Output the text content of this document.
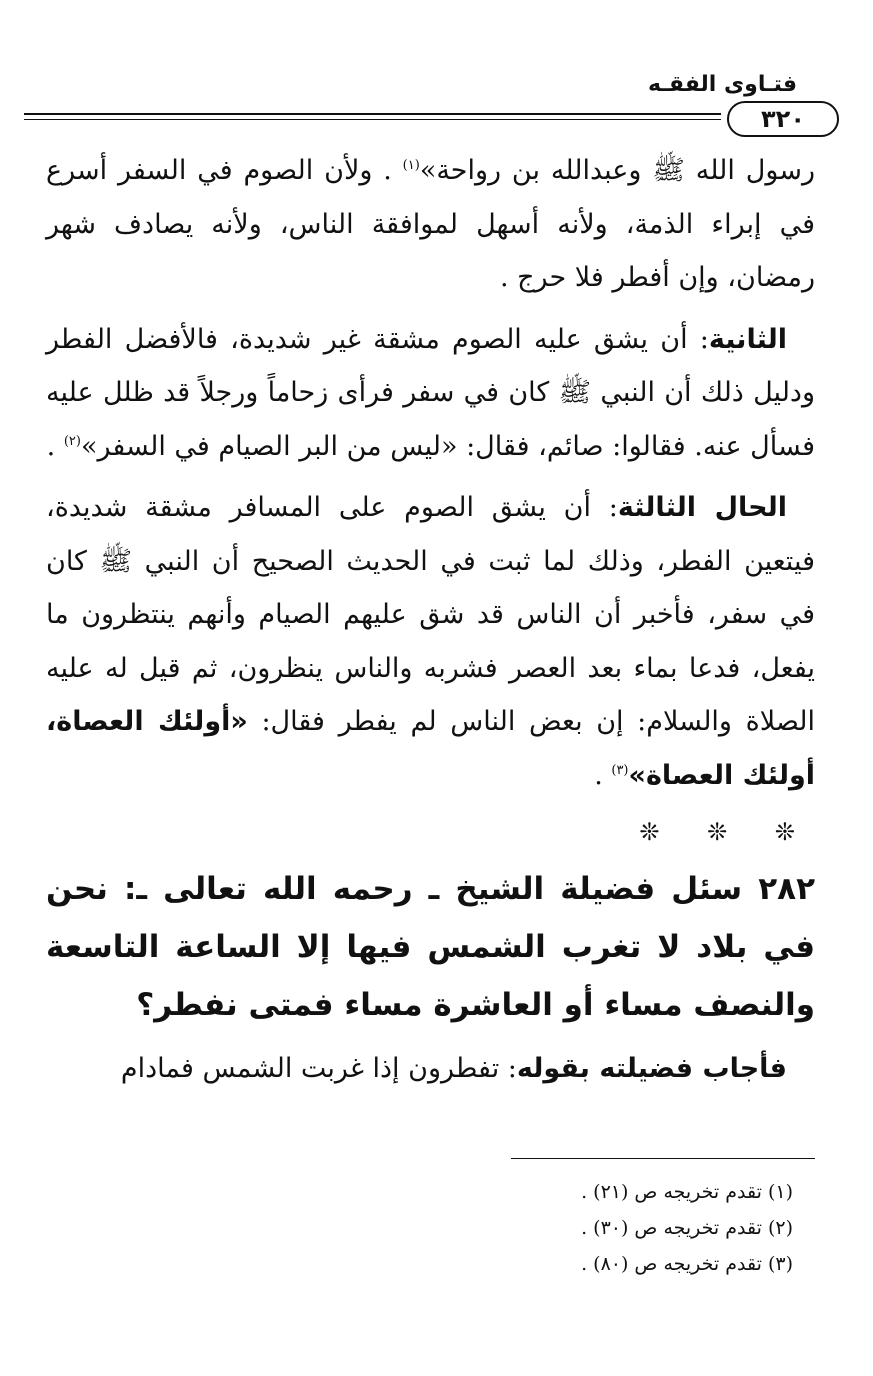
فتـاوى الفقـه
٣٢٠

رسول الله ﷺ وعبدالله بن رواحة»$^{(١)}$ . ولأن الصوم في السفر أسرع في إبراء الذمة، ولأنه أسهل لموافقة الناس، ولأنه يصادف شهر رمضان، وإن أفطر فلا حرج .

الثانية: أن يشق عليه الصوم مشقة غير شديدة، فالأفضل الفطر ودليل ذلك أن النبي ﷺ كان في سفر فرأى زحاماً ورجلاً قد ظلل عليه فسأل عنه. فقالوا: صائم، فقال: «ليس من البر الصيام في السفر»$^{(٢)}$ .

الحال الثالثة: أن يشق الصوم على المسافر مشقة شديدة، فيتعين الفطر، وذلك لما ثبت في الحديث الصحيح أن النبي ﷺ كان في سفر، فأخبر أن الناس قد شق عليهم الصيام وأنهم ينتظرون ما يفعل، فدعا بماء بعد العصر فشربه والناس ينظرون، ثم قيل له عليه الصلاة والسلام: إن بعض الناس لم يفطر فقال: «أولئك العصاة، أولئك العصاة»$^{(٣)}$ .

❊ ❊ ❊

٢٨٢ سئل فضيلة الشيخ ـ رحمه الله تعالى ـ: نحن في بلاد لا تغرب الشمس فيها إلا الساعة التاسعة والنصف مساء أو العاشرة مساء فمتى نفطر؟

فأجاب فضيلته بقوله: تفطرون إذا غربت الشمس فمادام

(١) تقدم تخريجه ص (٢١) .
(٢) تقدم تخريجه ص (٣٠) .
(٣) تقدم تخريجه ص (٨٠) .
